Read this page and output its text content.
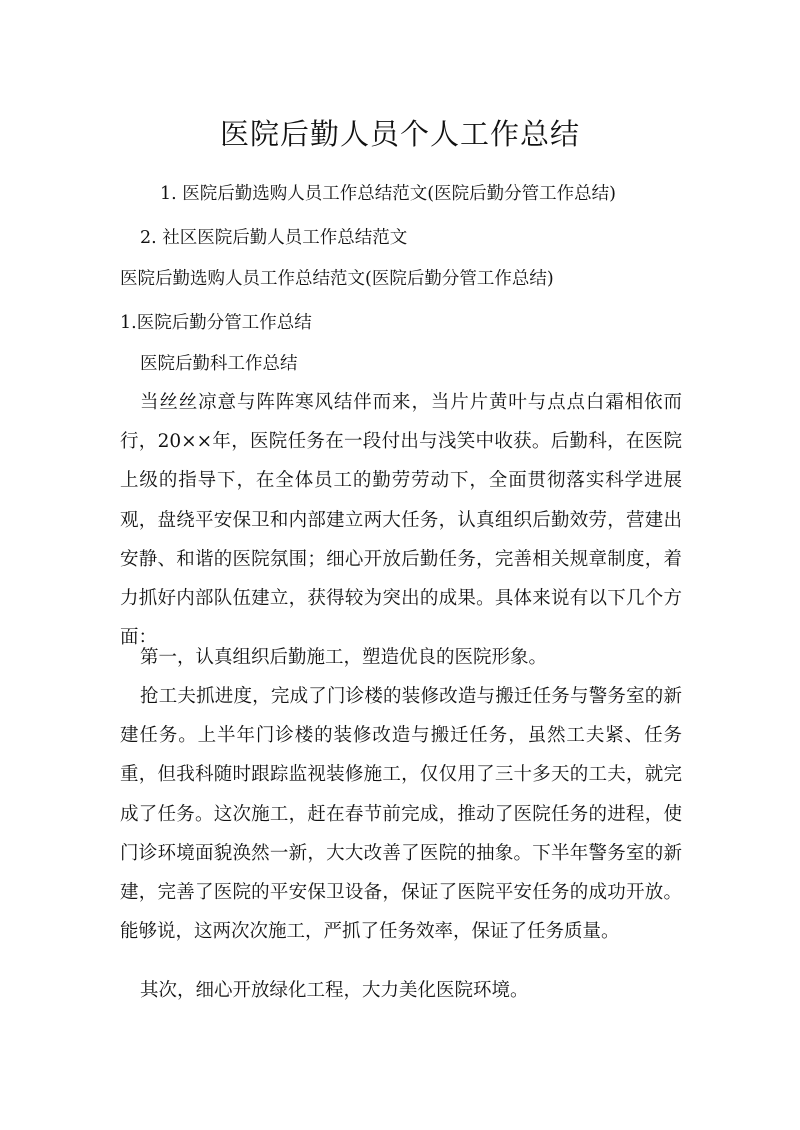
医院后勤人员个人工作总结
1. 医院后勤选购人员工作总结范文(医院后勤分管工作总结)
2. 社区医院后勤人员工作总结范文
医院后勤选购人员工作总结范文(医院后勤分管工作总结)
1.医院后勤分管工作总结
医院后勤科工作总结

当丝丝凉意与阵阵寒风结伴而来，当片片黄叶与点点白霜相依而行，20××年，医院任务在一段付出与浅笑中收获。后勤科，在医院上级的指导下，在全体员工的勤劳劳动下，全面贯彻落实科学进展观，盘绕平安保卫和内部建立两大任务，认真组织后勤效劳，营建出安静、和谐的医院氛围；细心开放后勤任务，完善相关规章制度，着力抓好内部队伍建立，获得较为突出的成果。具体来说有以下几个方面：

第一，认真组织后勤施工，塑造优良的医院形象。

抢工夫抓进度，完成了门诊楼的装修改造与搬迁任务与警务室的新建任务。上半年门诊楼的装修改造与搬迁任务，虽然工夫紧、任务重，但我科随时跟踪监视装修施工，仅仅用了三十多天的工夫，就完成了任务。这次施工，赶在春节前完成，推动了医院任务的进程，使门诊环境面貌涣然一新，大大改善了医院的抽象。下半年警务室的新建，完善了医院的平安保卫设备，保证了医院平安任务的成功开放。能够说，这两次次施工，严抓了任务效率，保证了任务质量。

其次，细心开放绿化工程，大力美化医院环境。
